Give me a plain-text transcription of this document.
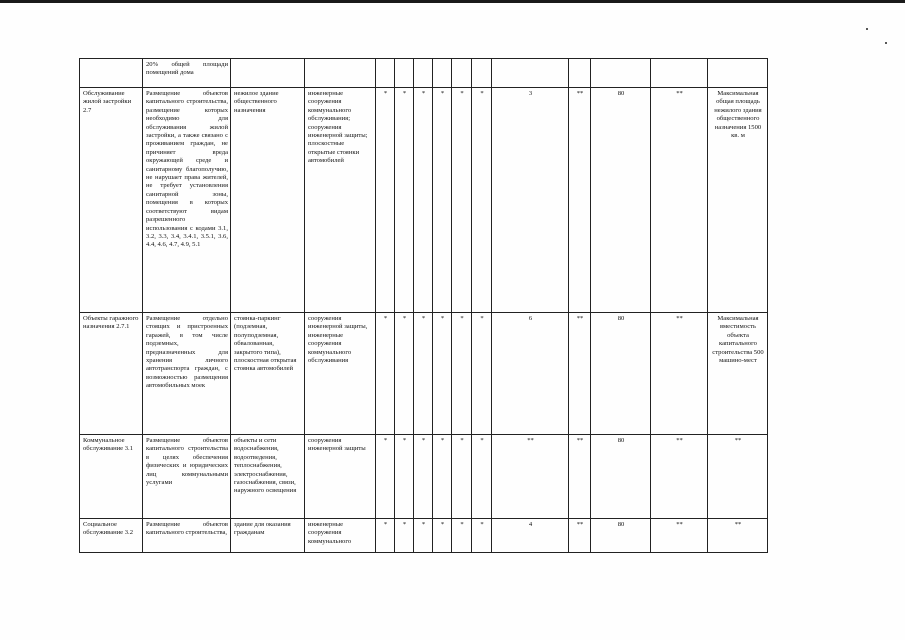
	20% общей площади помещений дома													
Обслуживание жилой застройки 2.7	Размещение объектов капитального строительства, размещение которых необходимо для обслуживания жилой застройки, а также связано с проживанием граждан, не причиняет вреда окружающей среде и санитарному благополучию, не нарушает права жителей, не требует установления санитарной зоны, помещения в которых соответствуют видам разрешенного использования с кодами 3.1, 3.2, 3.3, 3.4, 3.4.1, 3.5.1, 3.6, 4.4, 4.6, 4.7, 4.9, 5.1	нежилое здание общественного назначения	инженерные сооружения коммунального обслуживания; сооружения инженерной защиты; плоскостные открытые стоянки автомобилей	*	*	*	*	*	*	3	**	80	**	Максимальная общая площадь нежилого здания общественного назначения 1500 кв. м
Объекты гаражного назначения 2.7.1	Размещение отдельно стоящих и пристроенных гаражей, в том числе подземных, предназначенных для хранения личного автотранспорта граждан, с возможностью размещения автомобильных моек	стоянка-паркинг (подземная, полуподземная, обвалованная, закрытого типа), плоскостная открытая стоянка автомобилей	сооружения инженерной защиты, инженерные сооружения коммунального обслуживания	*	*	*	*	*	*	6	**	80	**	Максимальная вместимость объекта капитального строительства 500 машино-мест
Коммунальное обслуживание 3.1	Размещение объектов капитального строительства в целях обеспечения физических и юридических лиц коммунальными услугами	объекты и сети водоснабжения, водоотведения, теплоснабжения, электроснабжения, газоснабжения, связи, наружного освещения	сооружения инженерной защиты	*	*	*	*	*	*	**	**	80	**	**
Социальное обслуживание 3.2	Размещение объектов капитального строительства,	здание для оказания гражданам	инженерные сооружения коммунального	*	*	*	*	*	*	4	**	80	**	**
